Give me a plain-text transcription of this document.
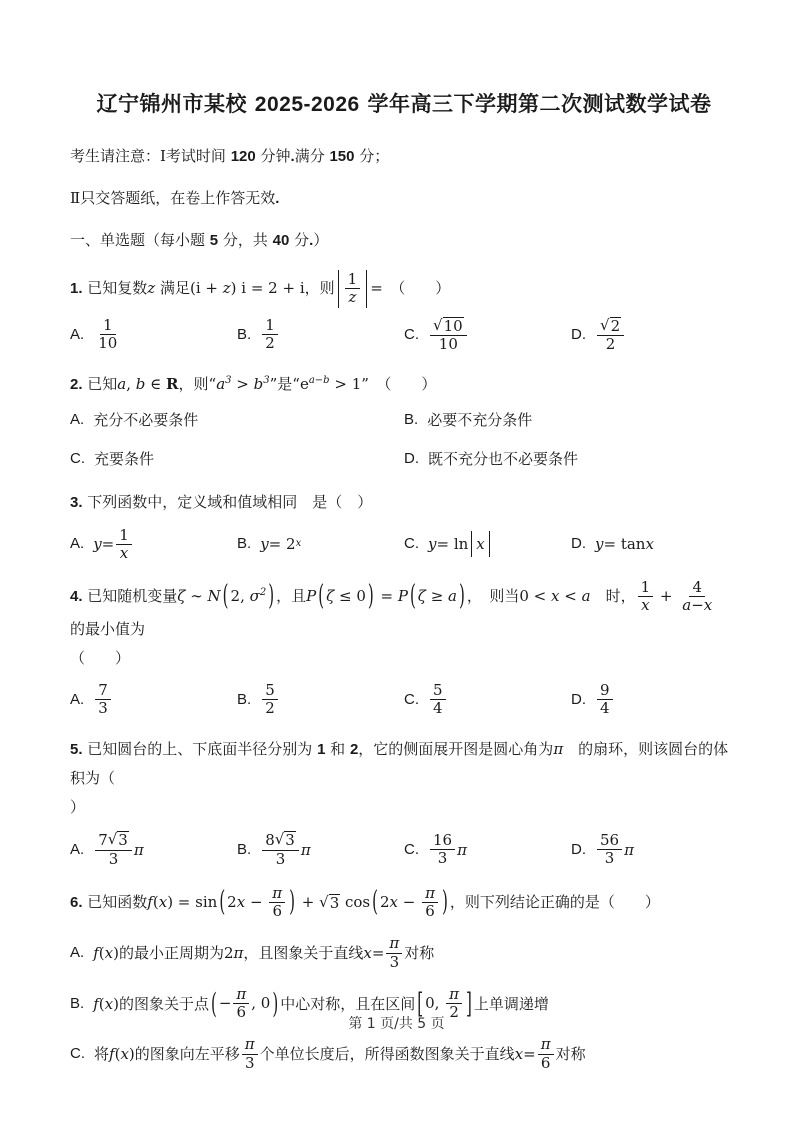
辽宁锦州市某校 2025-2026 学年高三下学期第二次测试数学试卷

考生请注意：Ⅰ考试时间 120 分钟.满分 150 分；

Ⅱ只交答题纸，在卷上作答无效.

一、单选题（每小题 5 分，共 40 分.）

1. 已知复数z 满足(i + z) i = 2 + i，则 $\frac{1}{z}$ =　（　　）
A. $\frac{1}{10}$	B. $\frac{1}{2}$	C. $\frac{√ 10}{10}$	D. $\frac{√ 2}{2}$
2. 已知a, b ∈ R，则“$a^3 > b^3$”是“$e^{a-b} > 1$”　（　　）
A. 充分不必要条件	B. 必要不充分条件
C. 充要条件	D. 既不充分也不必要条件
3. 下列函数中，定义域和值域相同　是（　）
A. $y = \frac{1}{x}$	B. y = 2 x	C. y = ln x	D. y = tan x
4. 已知随机变量ζ ∼ N ( 2, $\sigma^2$ ) ，且P ( ζ ≤ 0 ) = P ( ζ ≥ a ) ，　则当0 < x < a　时， $\frac{1}{x} + \frac{4}{a - x}$ 　的最小值为
（　　）
A. $\frac{7}{3}$	B. $\frac{5}{2}$	C. $\frac{5}{4}$	D. $\frac{9}{4}$
5. 已知圆台的上、下底面半径分别为 1 和 2，它的侧面展开图是圆心角为π　的扇环，则该圆台的体积为（
）
A. $\frac{7 √ 3}{3}$ π	B. $\frac{8 √ 3}{3}$ π	C. $\frac{16}{3}$ π	D. $\frac{56}{3}$ π
6. 已知函数f(x) = sin ( $2x - \frac{\pi}{6}$ ) + √ 3 cos ( $2x - \frac{\pi}{6}$ ) ，则下列结论正确的是（　　）
A. f ( x ) 的最小正周期为 2 π ，且图象关于直线 $x = \frac{\pi}{3}$ 对称
B. f ( x ) 的图象关于点 ( − $\frac{\pi}{6}$ , 0 ) 中心对称，且在区间 [ 0, $\frac{\pi}{2}$ ] 上单调递增
C. 将 f ( x ) 的图象向左平移 $\frac{\pi}{3}$ 个单位长度后，所得函数图象关于直线 $x = \frac{\pi}{6}$ 对称
第 1 页/共 5 页
